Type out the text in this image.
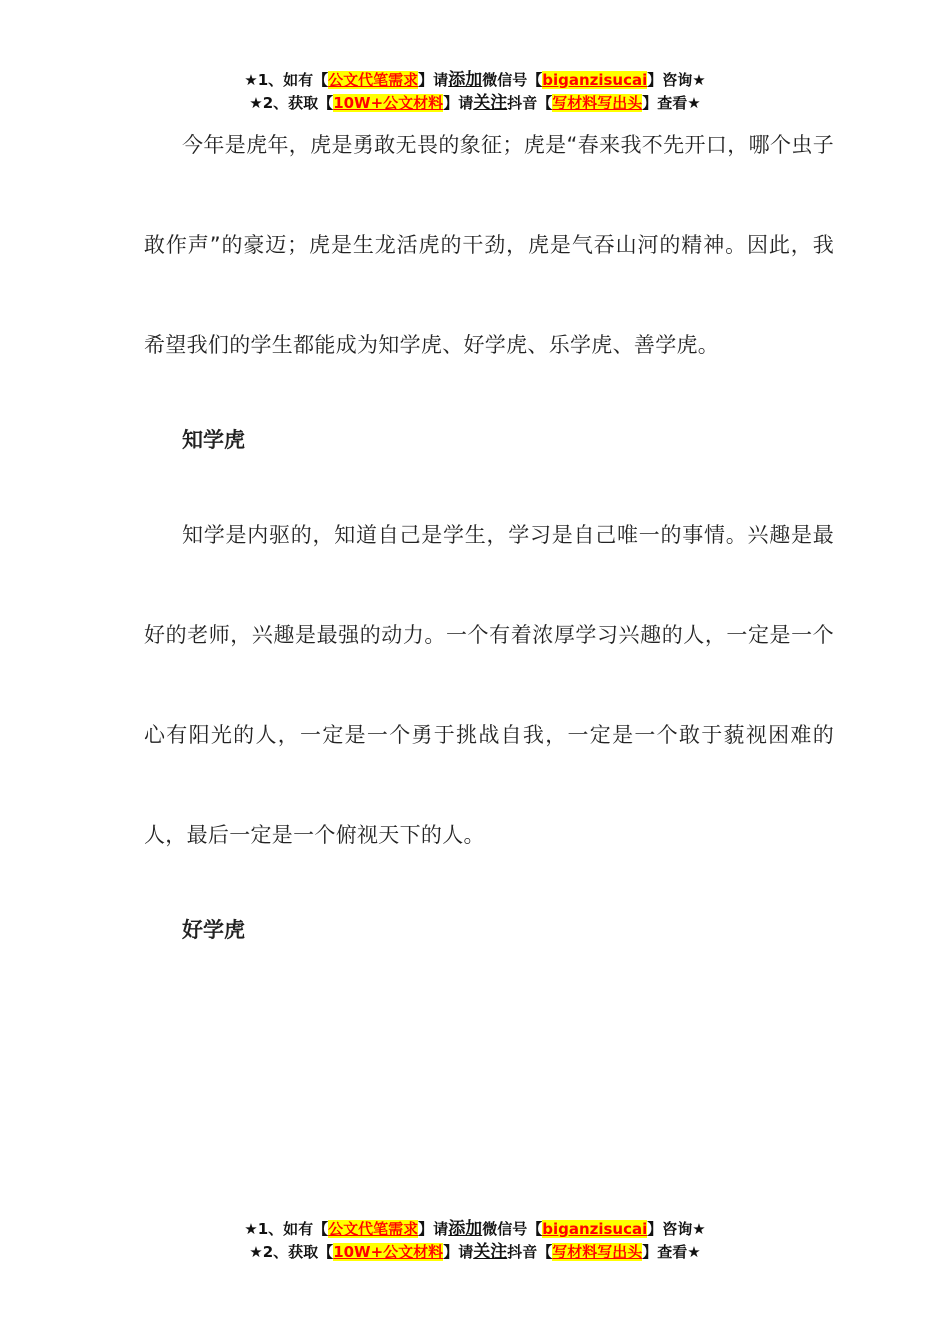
★1、如有【公文代笔需求】请添加微信号【biganzisucai】咨询★
★2、获取【10W+公文材料】请关注抖音【写材料写出头】查看★

今年是虎年，虎是勇敢无畏的象征；虎是“春来我不先开口，哪个虫子敢作声”的豪迈；虎是生龙活虎的干劲，虎是气吞山河的精神。因此，我希望我们的学生都能成为知学虎、好学虎、乐学虎、善学虎。

知学虎

知学是内驱的，知道自己是学生，学习是自己唯一的事情。兴趣是最好的老师，兴趣是最强的动力。一个有着浓厚学习兴趣的人，一定是一个心有阳光的人，一定是一个勇于挑战自我，一定是一个敢于藐视困难的人，最后一定是一个俯视天下的人。

好学虎

★1、如有【公文代笔需求】请添加微信号【biganzisucai】咨询★
★2、获取【10W+公文材料】请关注抖音【写材料写出头】查看★
